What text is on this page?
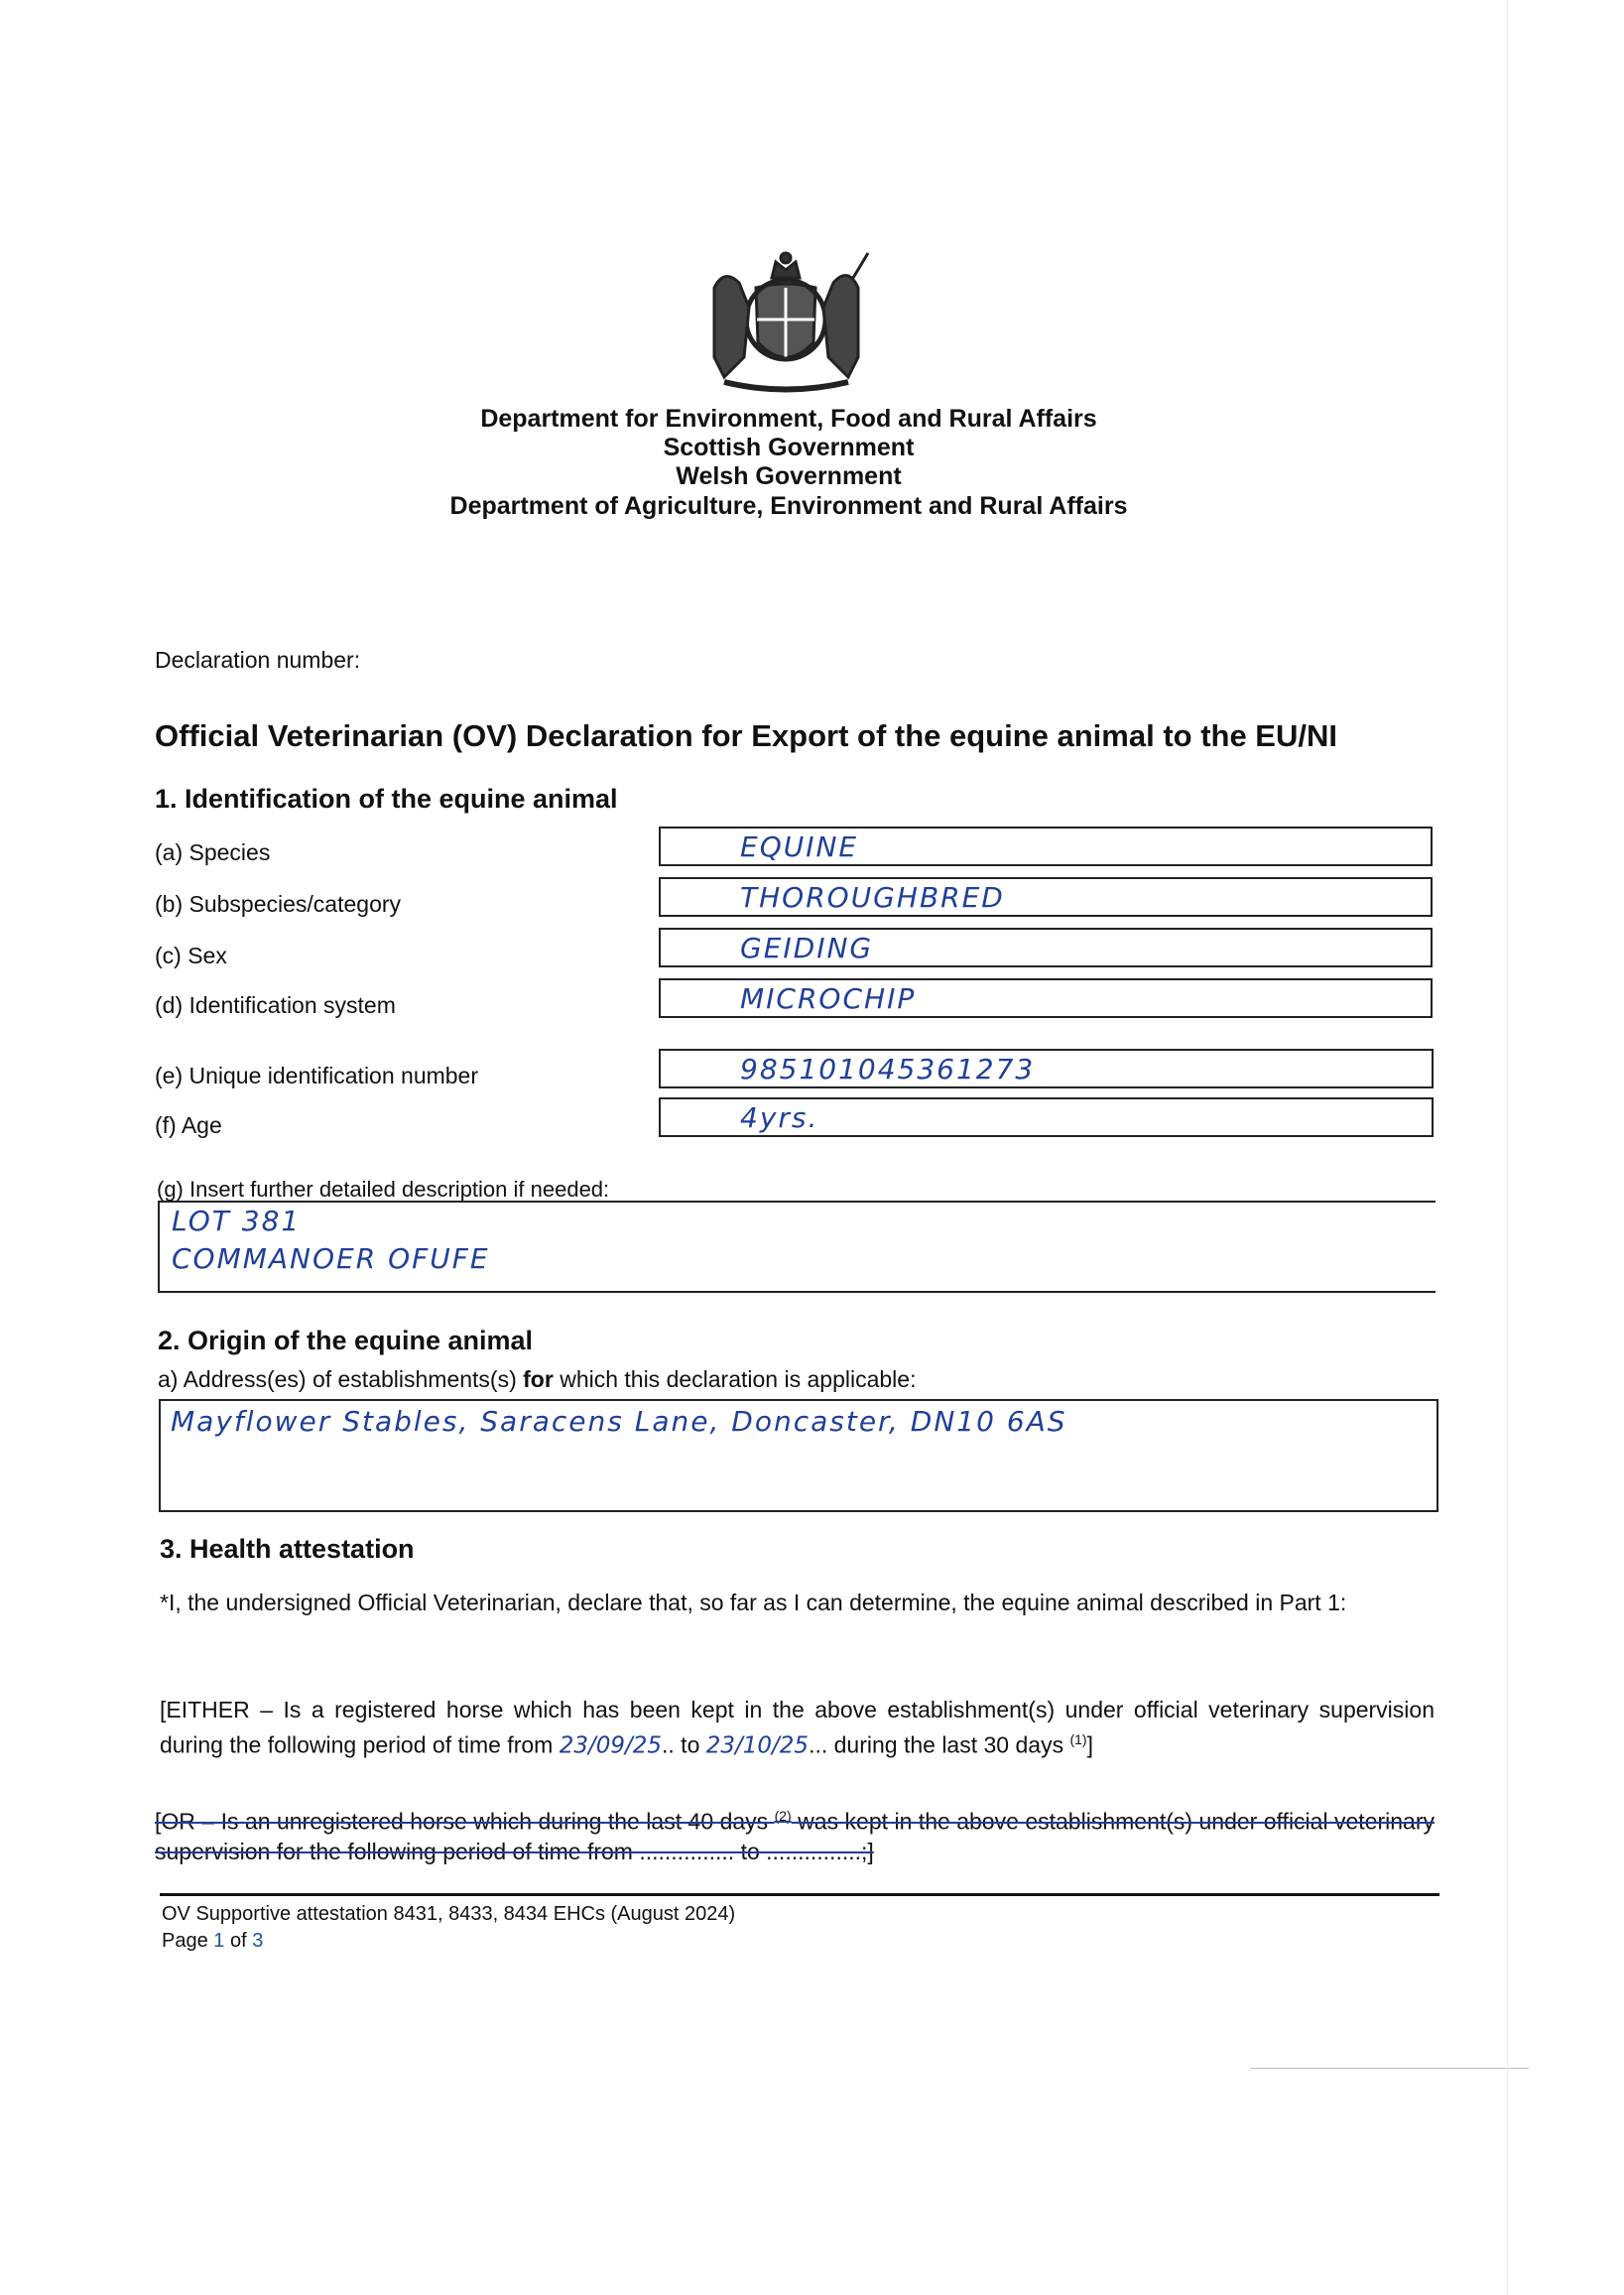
Department for Environment, Food and Rural Affairs
Scottish Government
Welsh Government
Department of Agriculture, Environment and Rural Affairs
Declaration number:
Official Veterinarian (OV) Declaration for Export of the equine animal to the EU/NI
1. Identification of the equine animal
(a) Species	EQUINE
(b) Subspecies/category	THOROUGHBRED
(c) Sex	GEIDING
(d) Identification system	MICROCHIP
(e) Unique identification number	985101045361273
(f) Age	4yrs.
(g) Insert further detailed description if needed:
LOT 381
COMMANOER OFUFE
2. Origin of the equine animal
a) Address(es) of establishments(s) for which this declaration is applicable:
Mayflower Stables, Saracens Lane, Doncaster, DN10 6AS
3. Health attestation
*I, the undersigned Official Veterinarian, declare that, so far as I can determine, the equine animal described in Part 1:
[EITHER – Is a registered horse which has been kept in the above establishment(s) under official veterinary supervision during the following period of time from 23/09/25.. to 23/10/25... during the last 30 days $^{(1)}$]
[OR – Is an unregistered horse which during the last 40 days $^{(2)}$ was kept in the above establishment(s) under official veterinary supervision for the following period of time from ............... to ...............;]
OV Supportive attestation 8431, 8433, 8434 EHCs (August 2024)
Page 1 of 3
